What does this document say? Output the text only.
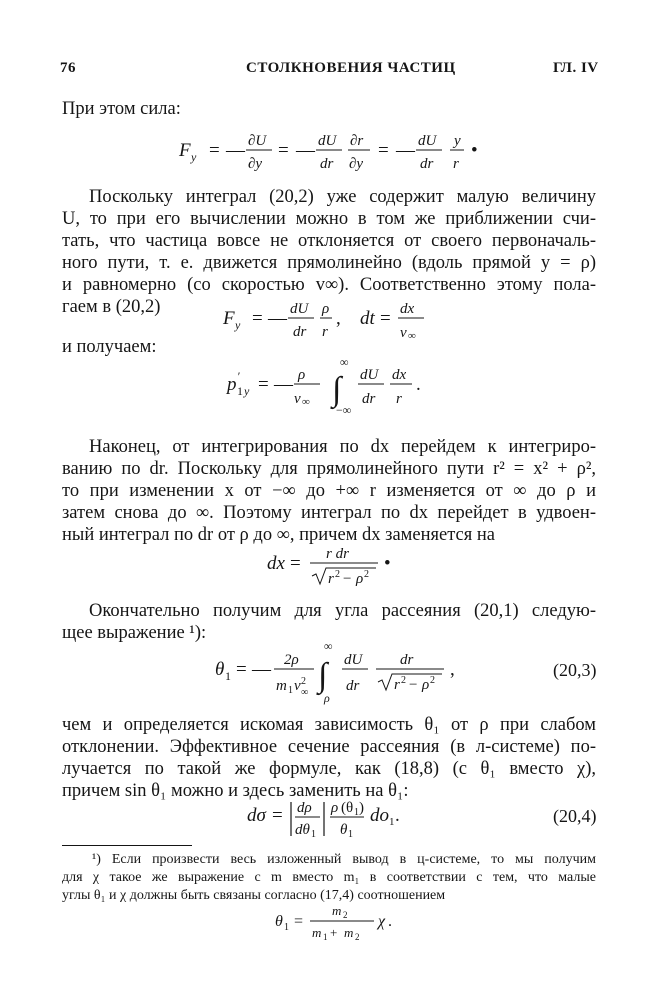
76	СТОЛКНОВЕНИЯ ЧАСТИЦ	ГЛ. IV
При этом сила:
F y = — ∂U
∂y
= — dU
dr
∂r
∂y
= — dU
dr
y
r
•
Поскольку интеграл (20,2) уже содержит малую величину
U, то при его вычислении можно в том же приближении счи-
тать, что частица вовсе не отклоняется от своего первоначаль-
ного пути, т. е. движется прямолинейно (вдоль прямой y = ρ)
и равномерно (со скоростью v∞). Соответственно этому пола-
гаем в (20,2)
F y = — dU
dr
ρ
r
, dt = dx
v ∞
и получаем:
p ′
1 y = — ρ
v ∞
∞
∫
−∞
dU
dr
dx
r
.
Наконец, от интегрирования по dx перейдем к интегриро-
ванию по dr. Поскольку для прямолинейного пути r² = x² + ρ²,
то при изменении x от −∞ до +∞ r изменяется от ∞ до ρ и
затем снова до ∞. Поэтому интеграл по dx перейдет в удвоен-
ный интеграл по dr от ρ до ∞, причем dx заменяется на
dx = r dr
r 2 − ρ 2
•
Окончательно получим для угла рассеяния (20,1) следую-
щее выражение ¹):
θ 1 = — 2ρ
m 1 v 2
∞
∞
∫
ρ
dU
dr
dr
r 2 − ρ 2
,	(20,3)
чем и определяется искомая зависимость θ₁ от ρ при слабом
отклонении. Эффективное сечение рассеяния (в л-системе) по-
лучается по такой же формуле, как (18,8) (с θ₁ вместо χ),
причем sin θ₁ можно и здесь заменить на θ₁:
dσ = dρ
dθ 1
ρ (θ 1 )
θ 1
do 1 .	(20,4)
¹) Если произвести весь изложенный вывод в ц-системе, то мы получим
для χ такое же выражение с m вместо m₁ в соответствии с тем, что малые
углы θ₁ и χ должны быть связаны согласно (17,4) соотношением
θ 1 =
m 2
m 1 + m 2
χ .
